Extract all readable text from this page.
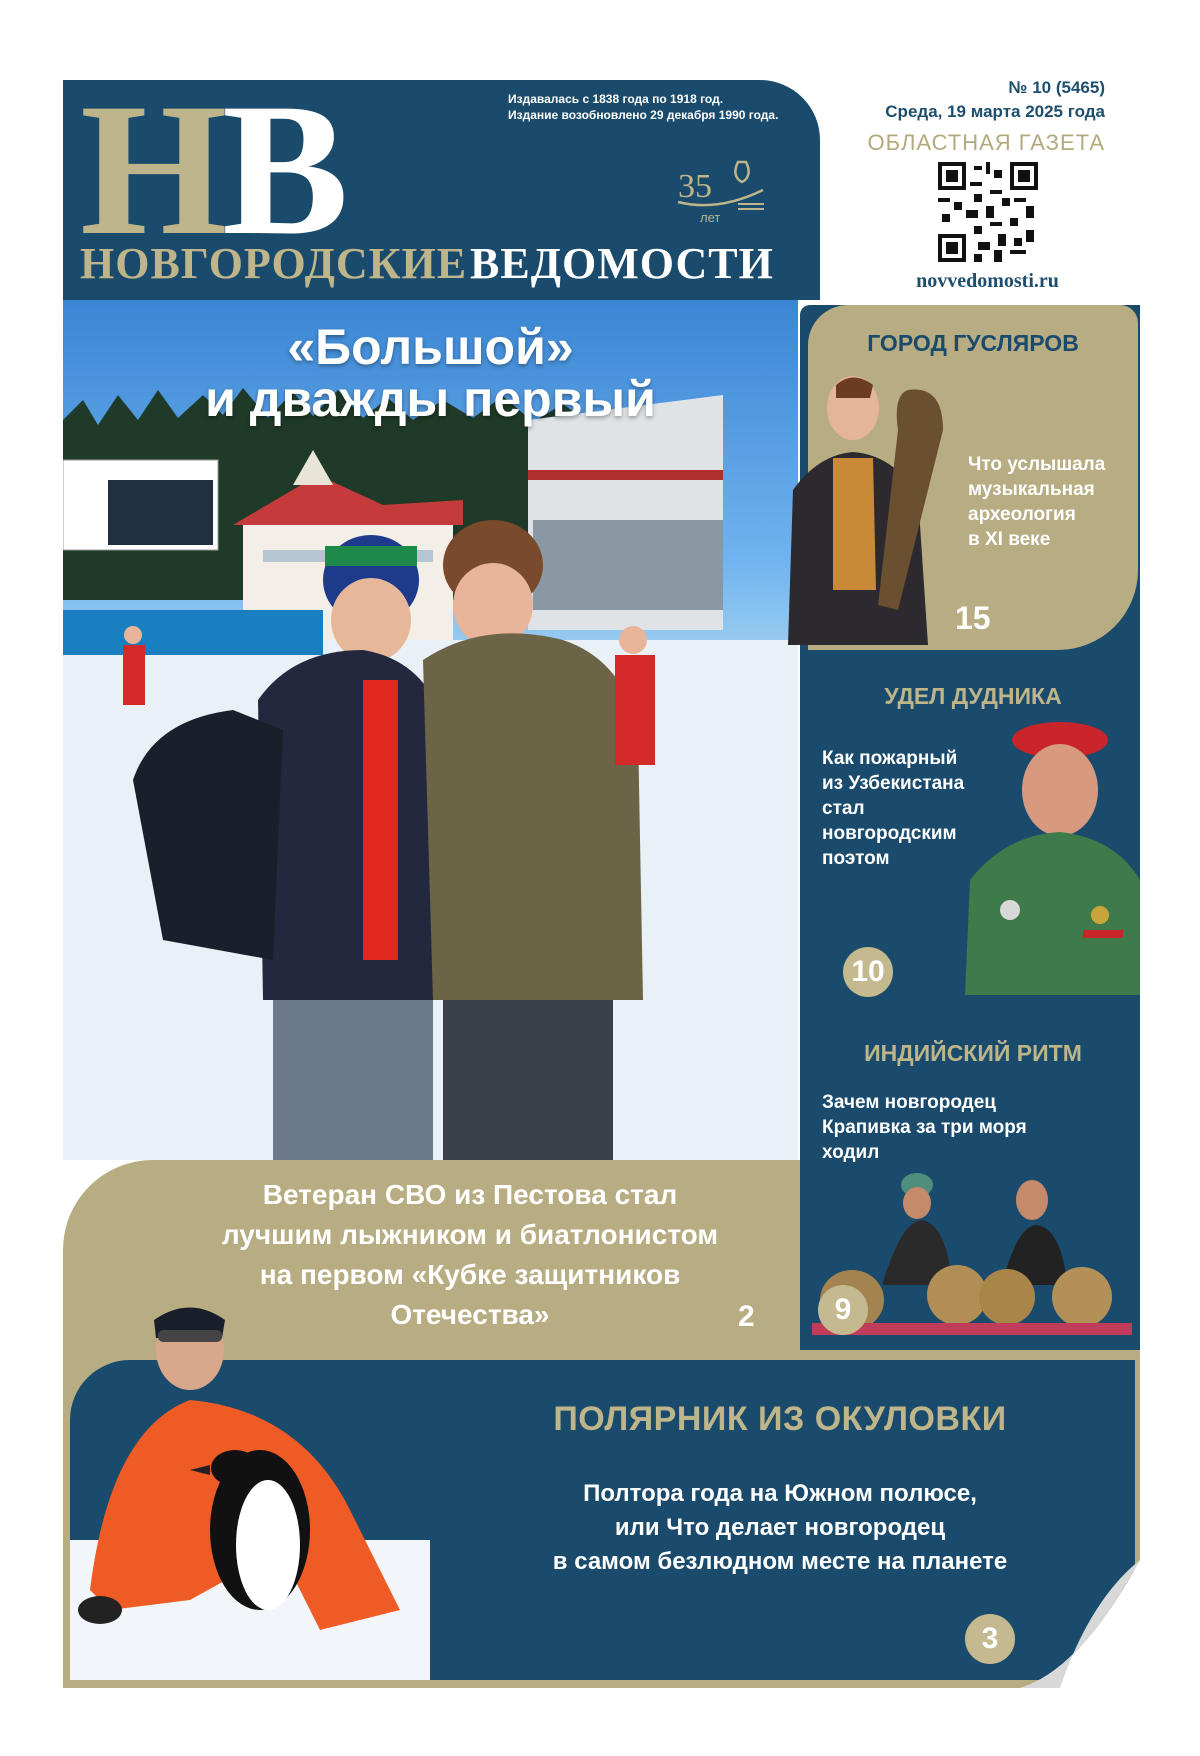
Н
В
НОВГОРОДСКИЕ ВЕДОМОСТИ
Издавалась с 1838 года по 1918 год.
Издание возобновлено 29 декабря 1990 года.
35
лет
№ 10 (5465)
Среда, 19 марта 2025 года
ОБЛАСТНАЯ ГАЗЕТА
novvedomosti.ru
«Большой»
и дважды первый
Ветеран СВО из Пестова стал
лучшим лыжником и биатлонистом
на первом «Кубке защитников
Отечества»	2
ГОРОД ГУСЛЯРОВ
Что услышала
музыкальная
археология
в XI веке
15
УДЕЛ ДУДНИКА
Как пожарный
из Узбекистана
стал
новгородским
поэтом
10
ИНДИЙСКИЙ РИТМ
Зачем новгородец
Крапивка за три моря
ходил
9
ПОЛЯРНИК ИЗ ОКУЛОВКИ
Полтора года на Южном полюсе,
или Что делает новгородец
в самом безлюдном месте на планете
3
